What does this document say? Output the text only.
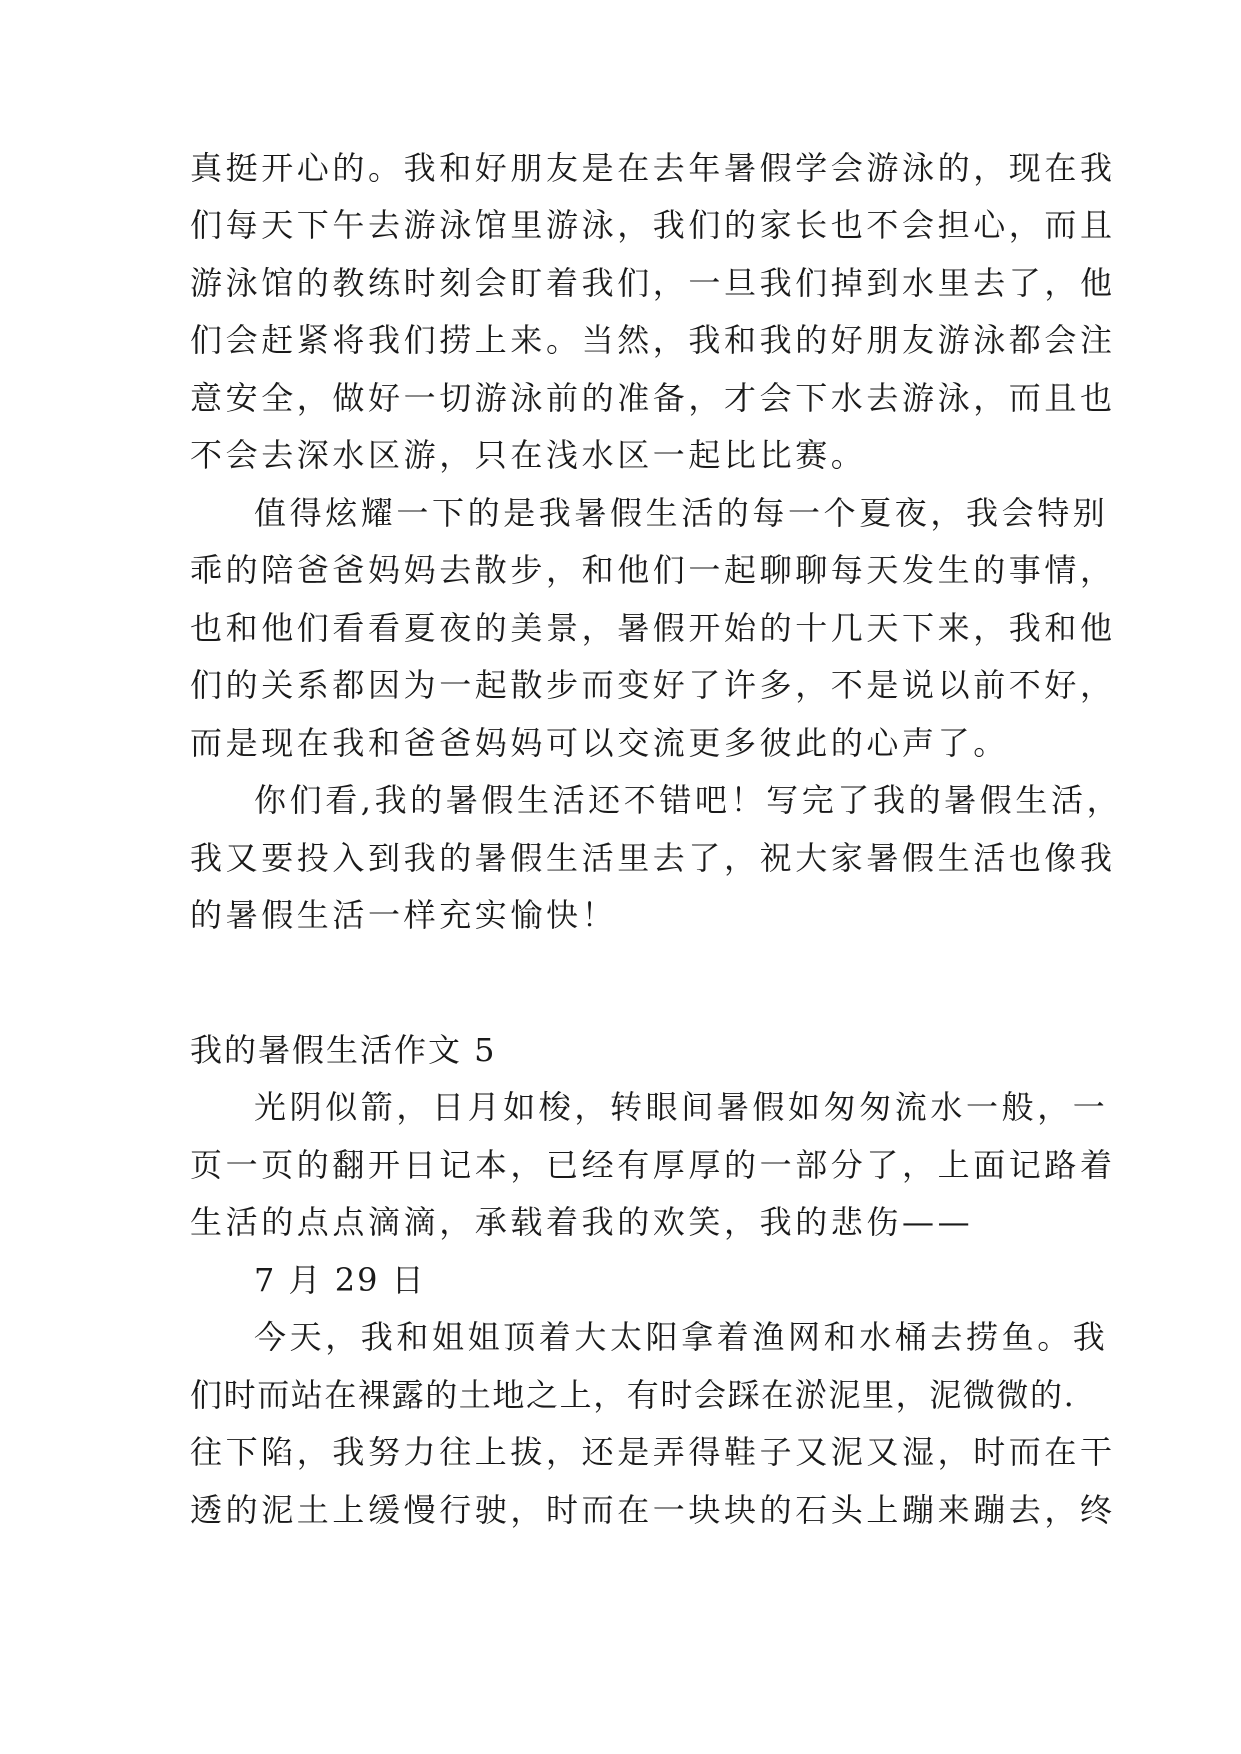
真挺开心的。我和好朋友是在去年暑假学会游泳的，现在我
们每天下午去游泳馆里游泳，我们的家长也不会担心，而且
游泳馆的教练时刻会盯着我们，一旦我们掉到水里去了，他
们会赶紧将我们捞上来。当然，我和我的好朋友游泳都会注
意安全，做好一切游泳前的准备，才会下水去游泳，而且也
不会去深水区游，只在浅水区一起比比赛。
值得炫耀一下的是我暑假生活的每一个夏夜，我会特别
乖的陪爸爸妈妈去散步，和他们一起聊聊每天发生的事情，
也和他们看看夏夜的美景，暑假开始的十几天下来，我和他
们的关系都因为一起散步而变好了许多，不是说以前不好，
而是现在我和爸爸妈妈可以交流更多彼此的心声了。
你们看,我的暑假生活还不错吧！写完了我的暑假生活，
我又要投入到我的暑假生活里去了，祝大家暑假生活也像我
的暑假生活一样充实愉快！
我的暑假生活作文 5
光阴似箭，日月如梭，转眼间暑假如匆匆流水一般，一
页一页的翻开日记本，已经有厚厚的一部分了，上面记路着
生活的点点滴滴，承载着我的欢笑，我的悲伤——
7 月 29 日
今天，我和姐姐顶着大太阳拿着渔网和水桶去捞鱼。我
们时而站在裸露的土地之上，有时会踩在淤泥里，泥微微的.
往下陷，我努力往上拔，还是弄得鞋子又泥又湿，时而在干
透的泥土上缓慢行驶，时而在一块块的石头上蹦来蹦去，终
